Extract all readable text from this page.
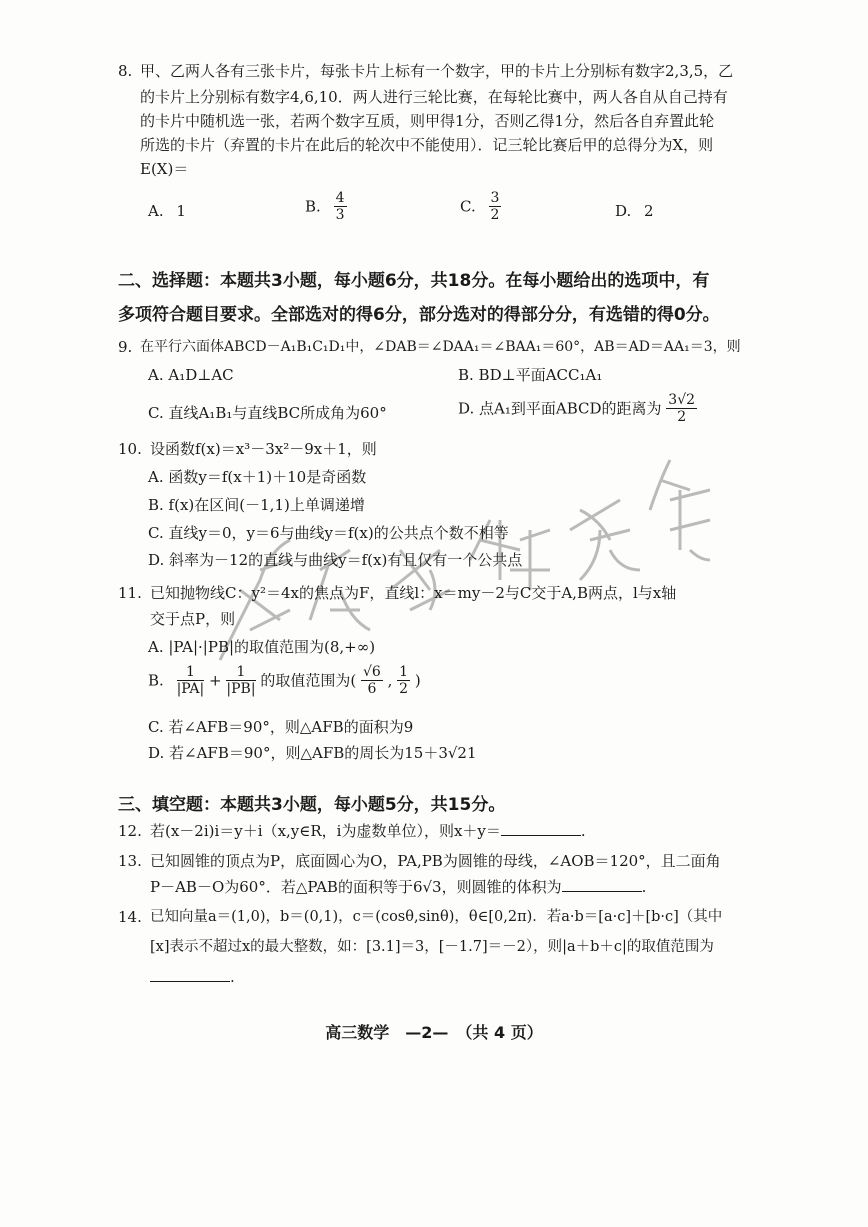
8. 甲、乙两人各有三张卡片，每张卡片上标有一个数字，甲的卡片上分别标有数字2,3,5，乙
的卡片上分别标有数字4,6,10．两人进行三轮比赛，在每轮比赛中，两人各自从自己持有
的卡片中随机选一张，若两个数字互质，则甲得1分，否则乙得1分，然后各自弃置此轮
所选的卡片（弃置的卡片在此后的轮次中不能使用）．记三轮比赛后甲的总得分为X，则
E(X)＝
A. 1	B. $\frac{4}{3}$	C. $\frac{3}{2}$	D. 2
二、选择题：本题共3小题，每小题6分，共18分。在每小题给出的选项中，有
多项符合题目要求。全部选对的得6分，部分选对的得部分分，有选错的得0分。
9. 在平行六面体ABCD－A₁B₁C₁D₁中，∠DAB＝∠DAA₁＝∠BAA₁＝60°，AB＝AD＝AA₁＝3，则
A. A₁D⊥AC	B. BD⊥平面ACC₁A₁
C. 直线A₁B₁与直线BC所成角为60°	D. 点A₁到平面ABCD的距离为 $\frac{3√2}{2}$
10. 设函数f(x)＝x³－3x²－9x＋1，则
A. 函数y＝f(x＋1)＋10是奇函数
B. f(x)在区间(－1,1)上单调递增
C. 直线y＝0，y＝6与曲线y＝f(x)的公共点个数不相等
D. 斜率为－12的直线与曲线y＝f(x)有且仅有一个公共点
11. 已知抛物线C：y²＝4x的焦点为F，直线l：x＝my－2与C交于A,B两点，l与x轴
交于点P，则
A. |PA|·|PB|的取值范围为(8,+∞)
B. $\frac{1}{|PA|} + \frac{1}{|PB|}$ 的取值范围为( $\frac{√6}{6}$ , $\frac{1}{2}$ )
C. 若∠AFB＝90°，则△AFB的面积为9
D. 若∠AFB＝90°，则△AFB的周长为15＋3√21
三、填空题：本题共3小题，每小题5分，共15分。
12. 若(x－2i)i＝y＋i（x,y∈R，i为虚数单位），则x＋y＝	.
13. 已知圆锥的顶点为P，底面圆心为O，PA,PB为圆锥的母线，∠AOB＝120°，且二面角
P－AB－O为60°．若△PAB的面积等于6√3，则圆锥的体积为	.
14. 已知向量a＝(1,0)，b＝(0,1)，c＝(cosθ,sinθ)，θ∈[0,2π)．若a·b＝[a·c]＋[b·c]（其中
[x]表示不超过x的最大整数，如：[3.1]＝3，[－1.7]＝－2），则|a＋b＋c|的取值范围为
.
高三数学　—2—　（共 4 页）
